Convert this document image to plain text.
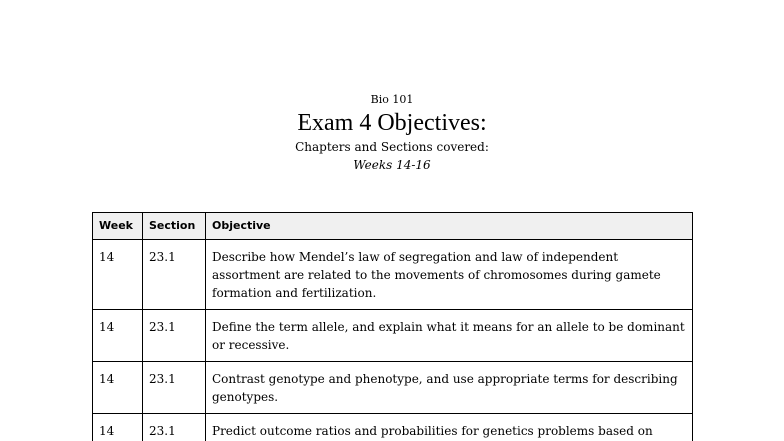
Bio 101
Exam 4 Objectives:
Chapters and Sections covered:
Weeks 14-16
Week	Section	Objective
14	23.1	Describe how Mendel’s law of segregation and law of independent assortment are related to the movements of chromosomes during gamete formation and fertilization.
14	23.1	Define the term allele, and explain what it means for an allele to be dominant or recessive.
14	23.1	Contrast genotype and phenotype, and use appropriate terms for describing genotypes.
14	23.1	Predict outcome ratios and probabilities for genetics problems based on
